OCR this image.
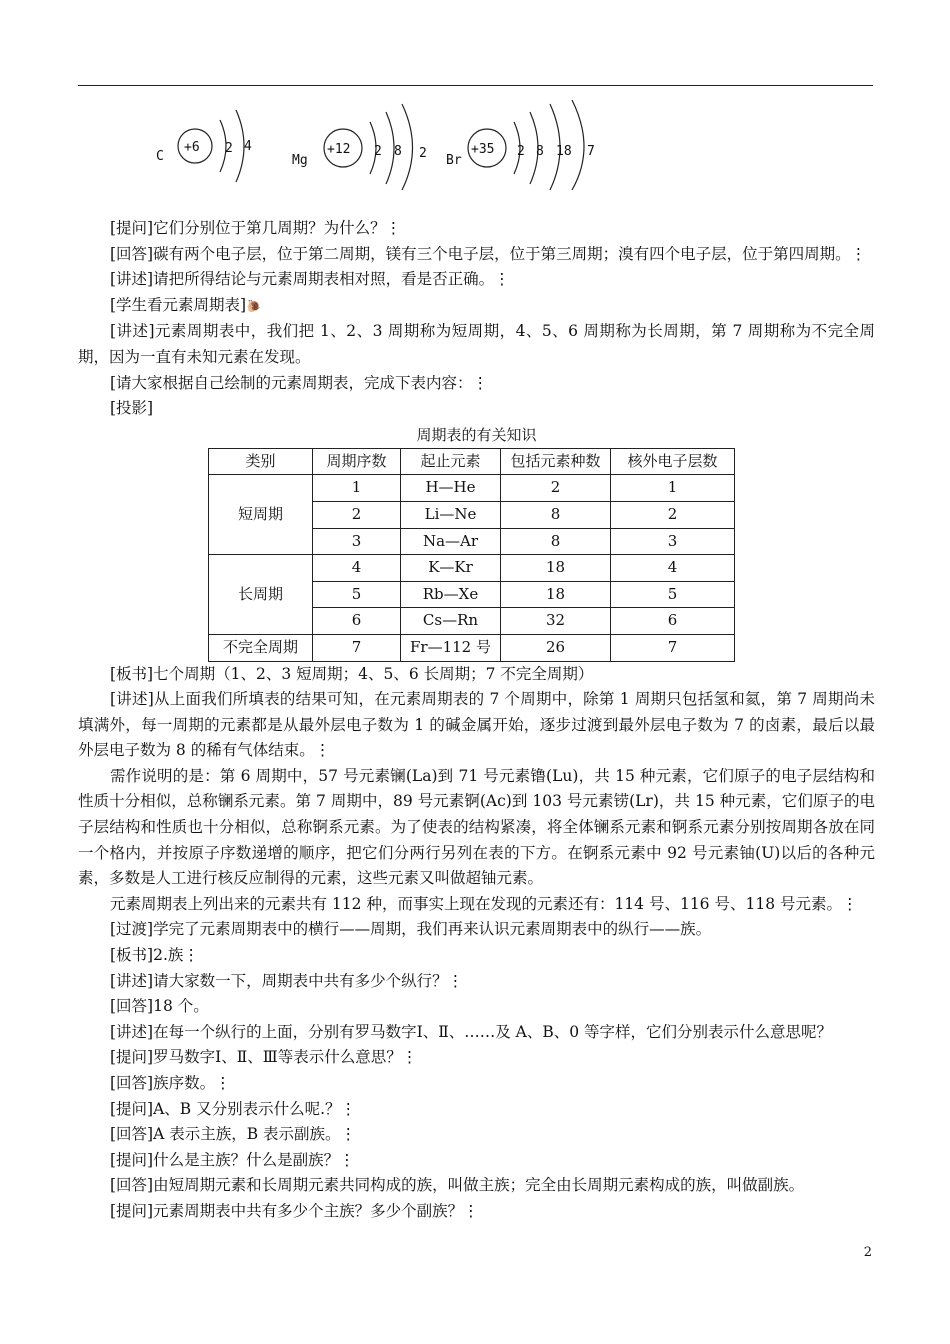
C
+6 2 4
Mg
+12 2 8 2 Br
+35 2 8 18 7

[提问]它们分别位于第几周期？为什么？⋮

[回答]碳有两个电子层，位于第二周期，镁有三个电子层，位于第三周期；溴有四个电子层，位于第四周期。⋮

[讲述]请把所得结论与元素周期表相对照，看是否正确。⋮

[学生看元素周期表]🐌

[讲述]元素周期表中，我们把 1、2、3 周期称为短周期，4、5、6 周期称为长周期，第 7 周期称为不完全周期，因为一直有未知元素在发现。

[请大家根据自己绘制的元素周期表，完成下表内容：⋮

[投影]

周期表的有关知识

类别	周期序数	起止元素	包括元素种数	核外电子层数
短周期	1	H—He	2	1
	2	Li—Ne	8	2
	3	Na—Ar	8	3
长周期	4	K—Kr	18	4
	5	Rb—Xe	18	5
	6	Cs—Rn	32	6
不完全周期	7	Fr—112 号	26	7

[板书]七个周期（1、2、3 短周期；4、5、6 长周期；7 不完全周期）

[讲述]从上面我们所填表的结果可知，在元素周期表的 7 个周期中，除第 1 周期只包括氢和氦，第 7 周期尚未填满外，每一周期的元素都是从最外层电子数为 1 的碱金属开始，逐步过渡到最外层电子数为 7 的卤素，最后以最外层电子数为 8 的稀有气体结束。⋮

需作说明的是：第 6 周期中，57 号元素镧(La)到 71 号元素镥(Lu)，共 15 种元素，它们原子的电子层结构和性质十分相似，总称镧系元素。第 7 周期中，89 号元素锕(Ac)到 103 号元素铹(Lr)，共 15 种元素，它们原子的电子层结构和性质也十分相似，总称锕系元素。为了使表的结构紧凑，将全体镧系元素和锕系元素分别按周期各放在同一个格内，并按原子序数递增的顺序，把它们分两行另列在表的下方。在锕系元素中 92 号元素铀(U)以后的各种元素，多数是人工进行核反应制得的元素，这些元素又叫做超铀元素。

元素周期表上列出来的元素共有 112 种，而事实上现在发现的元素还有：114 号、116 号、118 号元素。⋮

[过渡]学完了元素周期表中的横行——周期，我们再来认识元素周期表中的纵行——族。

[板书]2.族⋮

[讲述]请大家数一下，周期表中共有多少个纵行？⋮

[回答]18 个。

[讲述]在每一个纵行的上面，分别有罗马数字Ⅰ、Ⅱ、……及 A、B、0 等字样，它们分别表示什么意思呢？

[提问]罗马数字Ⅰ、Ⅱ、Ⅲ等表示什么意思？⋮

[回答]族序数。⋮

[提问]A、B 又分别表示什么呢.？⋮

[回答]A 表示主族，B 表示副族。⋮

[提问]什么是主族？什么是副族？⋮

[回答]由短周期元素和长周期元素共同构成的族，叫做主族；完全由长周期元素构成的族，叫做副族。

[提问]元素周期表中共有多少个主族？多少个副族？⋮

2
